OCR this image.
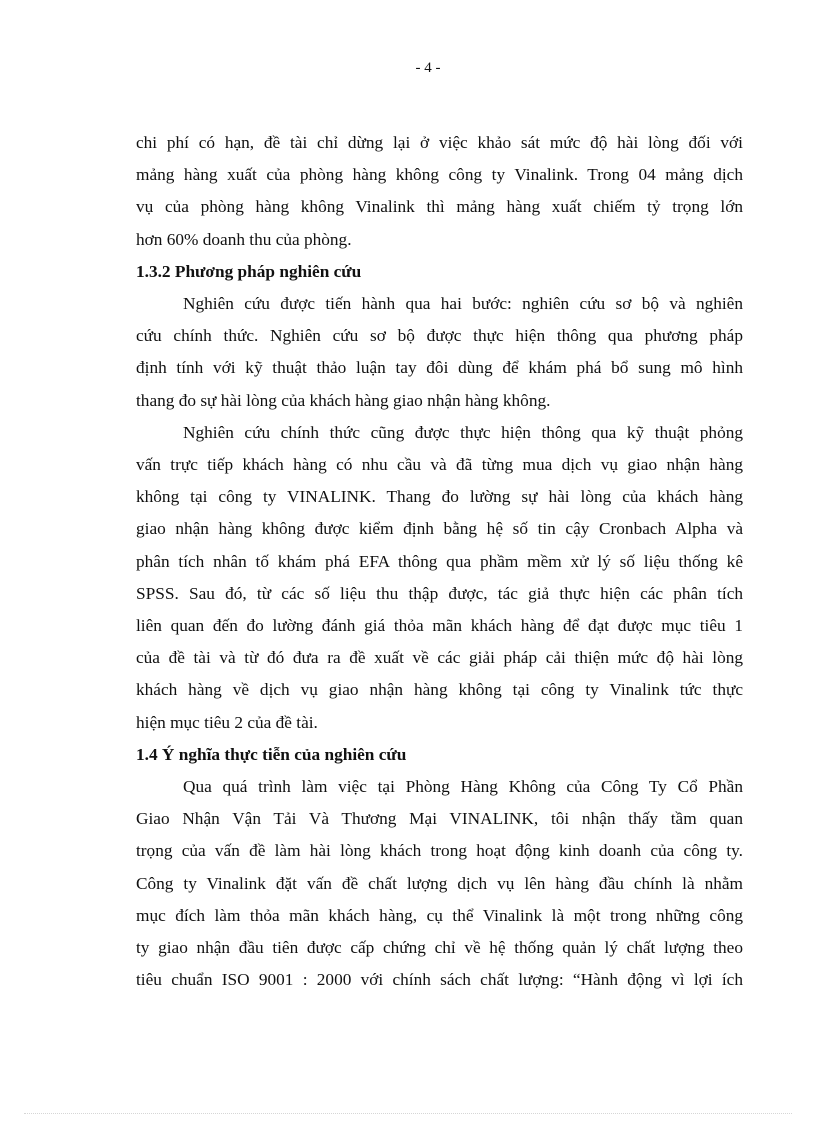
- 4 -
chi phí có hạn, đề tài chỉ dừng lại ở việc khảo sát mức độ hài lòng đối với
mảng hàng xuất của phòng hàng không công ty Vinalink. Trong 04 mảng dịch
vụ của phòng hàng không Vinalink thì mảng hàng xuất chiếm tỷ trọng lớn
hơn 60% doanh thu của phòng.
1.3.2 Phương pháp nghiên cứu
Nghiên cứu được tiến hành qua hai bước: nghiên cứu sơ bộ và nghiên
cứu chính thức. Nghiên cứu sơ bộ được thực hiện thông qua phương pháp
định tính với kỹ thuật thảo luận tay đôi dùng để khám phá bổ sung mô hình
thang đo sự hài lòng của khách hàng giao nhận hàng không.
Nghiên cứu chính thức cũng được thực hiện thông qua kỹ thuật phỏng
vấn trực tiếp khách hàng có nhu cầu và đã từng mua dịch vụ giao nhận hàng
không tại công ty VINALINK. Thang đo lường sự hài lòng của khách hàng
giao nhận hàng không được kiểm định bằng hệ số tin cậy Cronbach Alpha và
phân tích nhân tố khám phá EFA thông qua phầm mềm xử lý số liệu thống kê
SPSS. Sau đó, từ các số liệu thu thập được, tác giả thực hiện các phân tích
liên quan đến đo lường đánh giá thỏa mãn khách hàng để đạt được mục tiêu 1
của đề tài và từ đó đưa ra đề xuất về các giải pháp cải thiện mức độ hài lòng
khách hàng về dịch vụ giao nhận hàng không tại công ty Vinalink tức thực
hiện mục tiêu 2 của đề tài.
1.4 Ý nghĩa thực tiễn của nghiên cứu
Qua quá trình làm việc tại Phòng Hàng Không của Công Ty Cổ Phần
Giao Nhận Vận Tải Và Thương Mại VINALINK, tôi nhận thấy tầm quan
trọng của vấn đề làm hài lòng khách trong hoạt động kinh doanh của công ty.
Công ty Vinalink đặt vấn đề chất lượng dịch vụ lên hàng đầu chính là nhằm
mục đích làm thỏa mãn khách hàng, cụ thể Vinalink là một trong những công
ty giao nhận đầu tiên được cấp chứng chỉ về hệ thống quản lý chất lượng theo
tiêu chuẩn ISO 9001 : 2000 với chính sách chất lượng: “Hành động vì lợi ích
